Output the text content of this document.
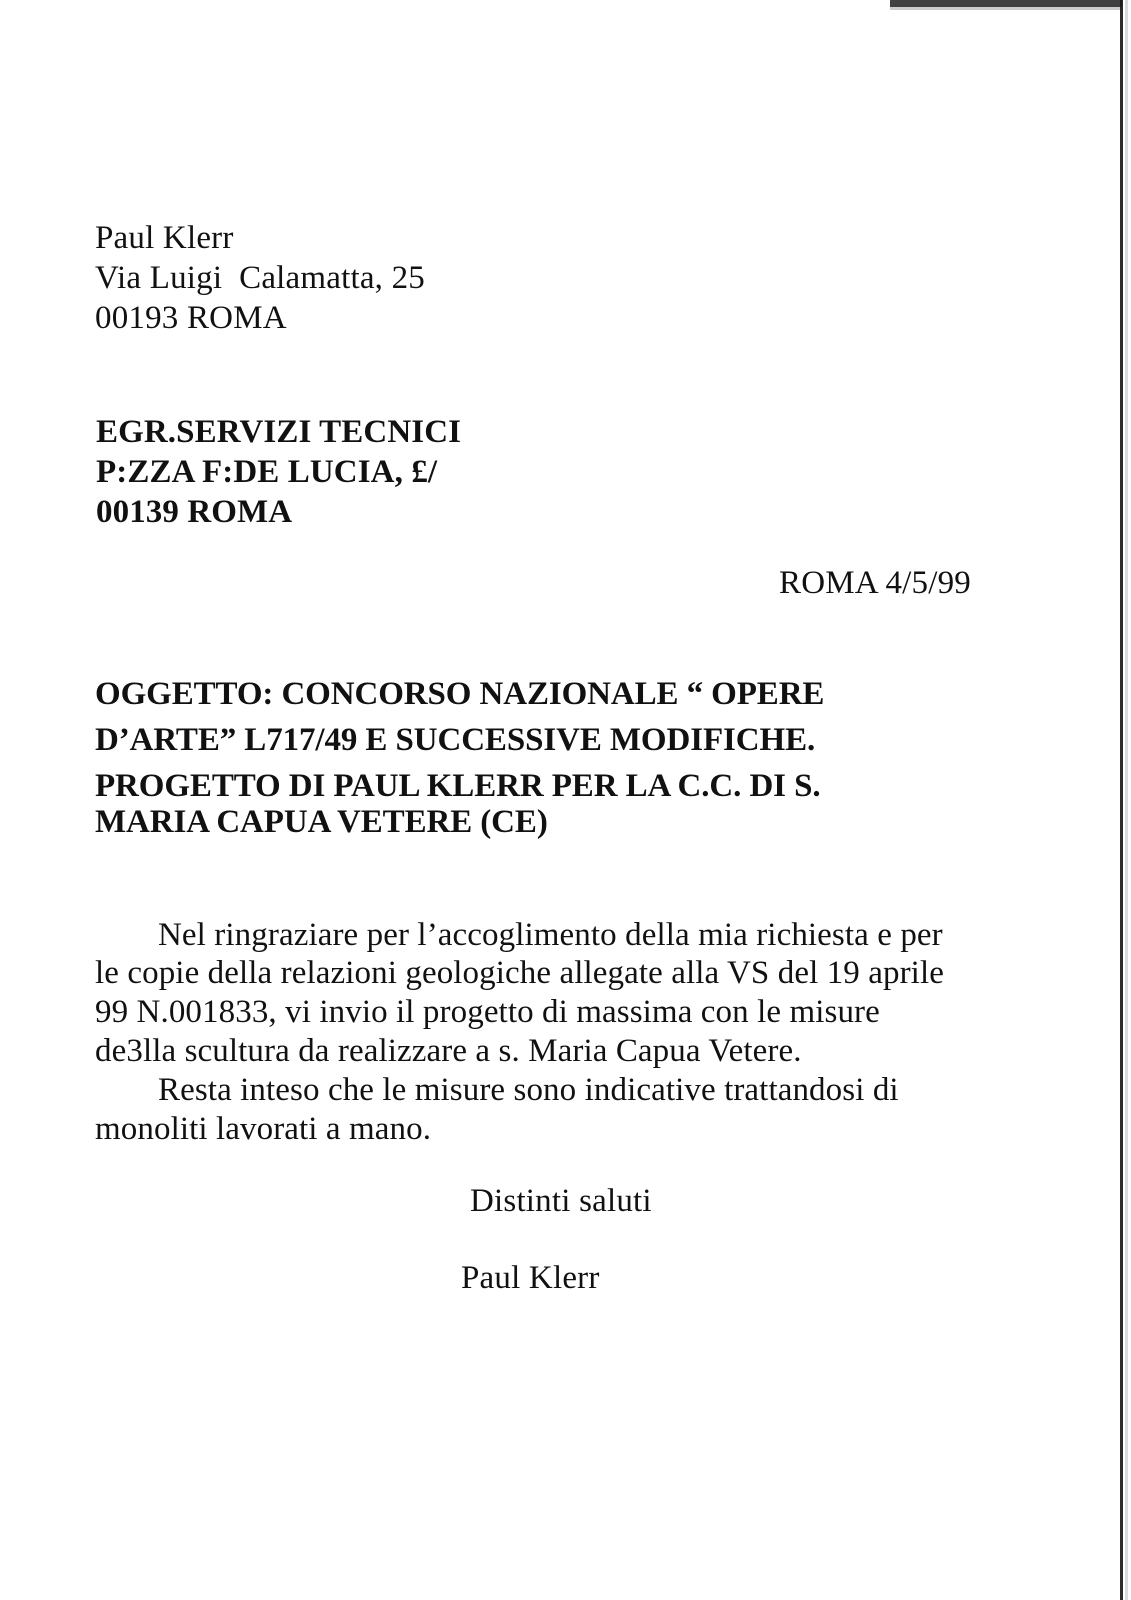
Paul Klerr
Via Luigi  Calamatta, 25
00193 ROMA
EGR.SERVIZI TECNICI
P:ZZA F:DE LUCIA, £/
00139 ROMA
ROMA 4/5/99
OGGETTO: CONCORSO NAZIONALE “ OPERE
D’ARTE” L717/49 E SUCCESSIVE MODIFICHE.
PROGETTO DI PAUL KLERR PER LA C.C. DI S.
MARIA CAPUA VETERE (CE)
Nel ringraziare per l’accoglimento della mia richiesta e per
le copie della relazioni geologiche allegate alla VS del 19 aprile
99 N.001833, vi invio il progetto di massima con le misure
de3lla scultura da realizzare a s. Maria Capua Vetere.
Resta inteso che le misure sono indicative trattandosi di
monoliti lavorati a mano.
Distinti saluti
Paul Klerr
